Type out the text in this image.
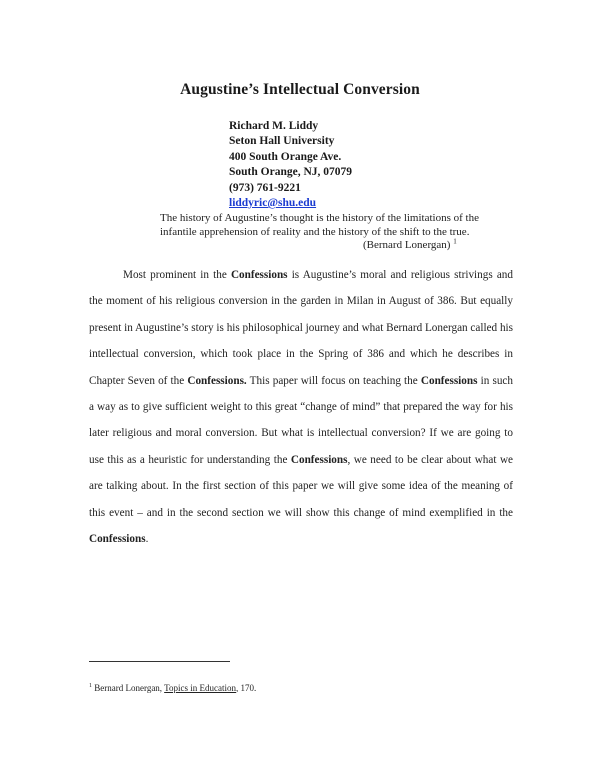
Augustine’s Intellectual Conversion
Richard M. Liddy
Seton Hall University
400 South Orange Ave.
South Orange, NJ, 07079
(973) 761-9221
liddyric@shu.edu
The history of Augustine’s thought is the history of the limitations of the
infantile apprehension of reality and the history of the shift to the true.
(Bernard Lonergan) $^1$

Most prominent in the Confessions is Augustine’s moral and religious strivings and the moment of his religious conversion in the garden in Milan in August of 386. But equally present in Augustine’s story is his philosophical journey and what Bernard Lonergan called his intellectual conversion, which took place in the Spring of 386 and which he describes in Chapter Seven of the Confessions. This paper will focus on teaching the Confessions in such a way as to give sufficient weight to this great “change of mind” that prepared the way for his later religious and moral conversion. But what is intellectual conversion? If we are going to use this as a heuristic for understanding the Confessions, we need to be clear about what we are talking about. In the first section of this paper we will give some idea of the meaning of this event – and in the second section we will show this change of mind exemplified in the Confessions.

$^1$ Bernard Lonergan, Topics in Education, 170.
